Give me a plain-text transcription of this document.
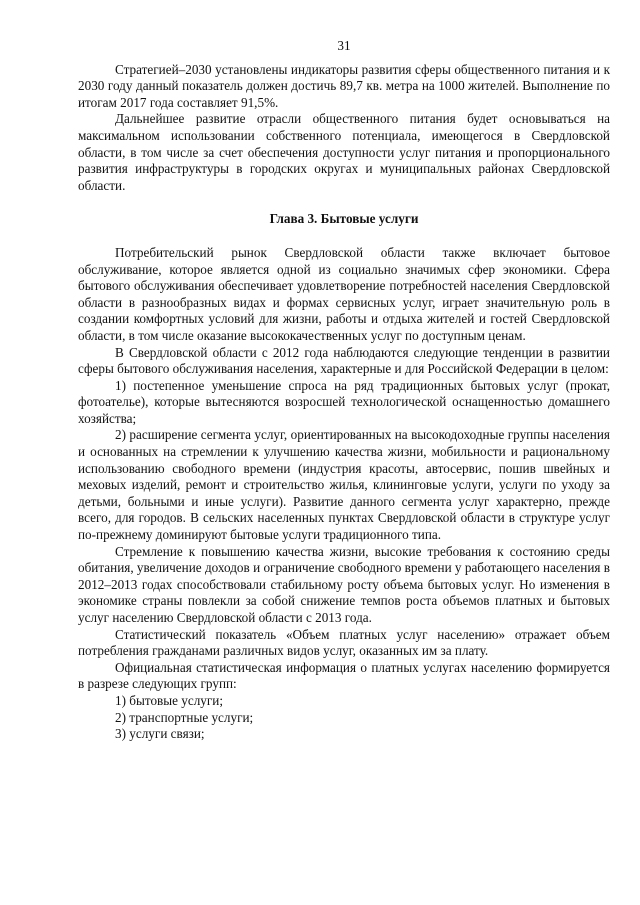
31

Стратегией–2030 установлены индикаторы развития сферы общественного питания и к 2030 году данный показатель должен достичь 89,7 кв. метра на 1000 жителей. Выполнение по итогам 2017 года составляет 91,5%.

Дальнейшее развитие отрасли общественного питания будет основываться на максимальном использовании собственного потенциала, имеющегося в Свердловской области, в том числе за счет обеспечения доступности услуг питания и пропорционального развития инфраструктуры в городских округах и муниципальных районах Свердловской области.

Глава 3. Бытовые услуги

Потребительский рынок Свердловской области также включает бытовое обслуживание, которое является одной из социально значимых сфер экономики. Сфера бытового обслуживания обеспечивает удовлетворение потребностей населения Свердловской области в разнообразных видах и формах сервисных услуг, играет значительную роль в создании комфортных условий для жизни, работы и отдыха жителей и гостей Свердловской области, в том числе оказание высококачественных услуг по доступным ценам.

В Свердловской области с 2012 года наблюдаются следующие тенденции в развитии сферы бытового обслуживания населения, характерные и для Российской Федерации в целом:

1) постепенное уменьшение спроса на ряд традиционных бытовых услуг (прокат, фотоателье), которые вытесняются возросшей технологической оснащенностью домашнего хозяйства;

2) расширение сегмента услуг, ориентированных на высокодоходные группы населения и основанных на стремлении к улучшению качества жизни, мобильности и рациональному использованию свободного времени (индустрия красоты, автосервис, пошив швейных и меховых изделий, ремонт и строительство жилья, клининговые услуги, услуги по уходу за детьми, больными и иные услуги). Развитие данного сегмента услуг характерно, прежде всего, для городов. В сельских населенных пунктах Свердловской области в структуре услуг по-прежнему доминируют бытовые услуги традиционного типа.

Стремление к повышению качества жизни, высокие требования к состоянию среды обитания, увеличение доходов и ограничение свободного времени у работающего населения в 2012–2013 годах способствовали стабильному росту объема бытовых услуг. Но изменения в экономике страны повлекли за собой снижение темпов роста объемов платных и бытовых услуг населению Свердловской области с 2013 года.

Статистический показатель «Объем платных услуг населению» отражает объем потребления гражданами различных видов услуг, оказанных им за плату.

Официальная статистическая информация о платных услугах населению формируется в разрезе следующих групп:

1) бытовые услуги;

2) транспортные услуги;

3) услуги связи;
